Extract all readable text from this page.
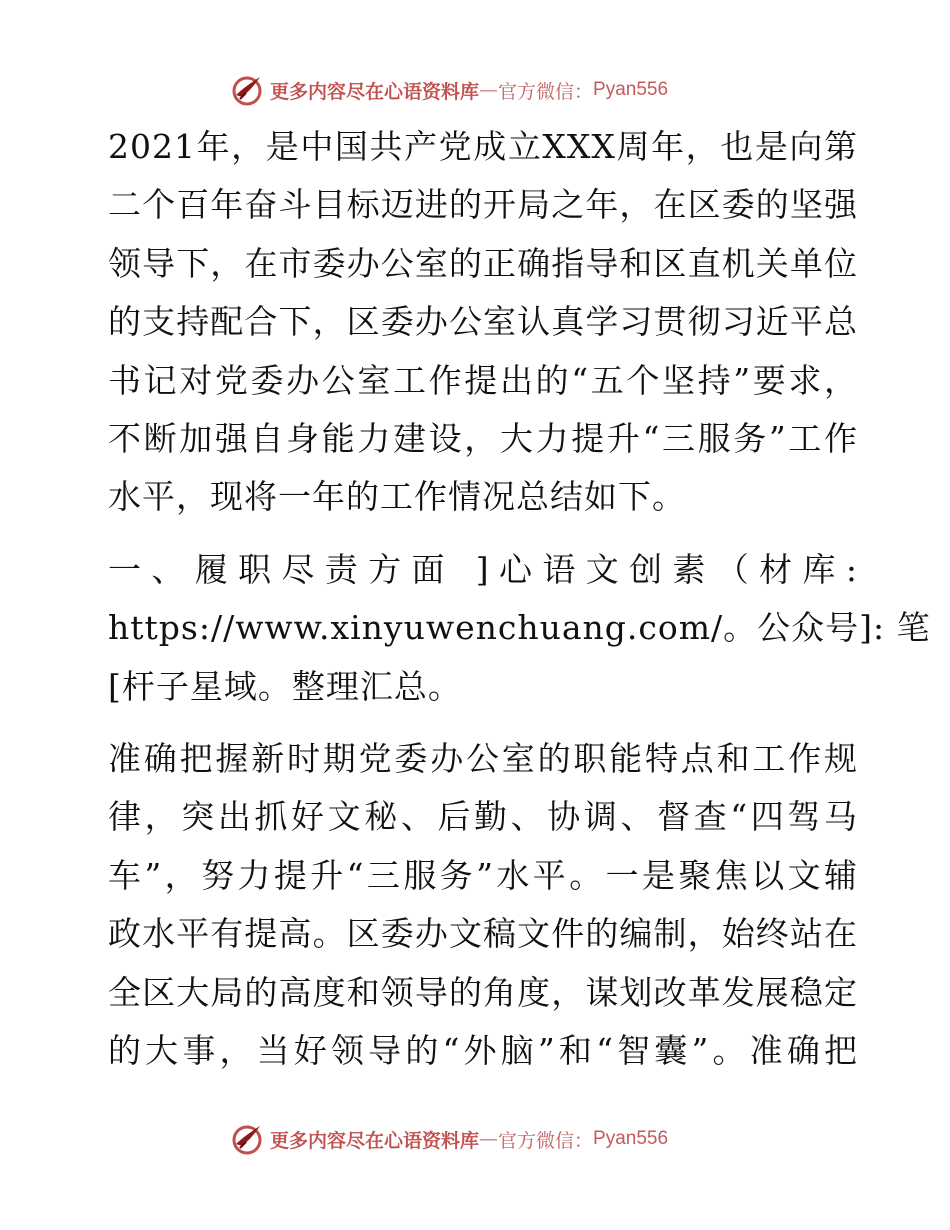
更多内容尽在心语资料库 — 官方微信： Pyan556

2021年，是中国共产党成立XXX周年，也是向第
二个百年奋斗目标迈进的开局之年，在区委的坚强
领导下，在市委办公室的正确指导和区直机关单位
的支持配合下，区委办公室认真学习贯彻习近平总
书记对党委办公室工作提出的“五个坚持”要求，
不断加强自身能力建设，大力提升“三服务”工作
水平，现将一年的工作情况总结如下。

一、履职尽责方面 ]心语文创素（材库:
https://www.xinyuwenchuang.com/。公众号]: 笔
[杆子星域。整理汇总。

准确把握新时期党委办公室的职能特点和工作规
律，突出抓好文秘、后勤、协调、督查“四驾马
车”，努力提升“三服务”水平。一是聚焦以文辅
政水平有提高。区委办文稿文件的编制，始终站在
全区大局的高度和领导的角度，谋划改革发展稳定
的大事，当好领导的“外脑”和“智囊”。准确把

更多内容尽在心语资料库 — 官方微信： Pyan556
